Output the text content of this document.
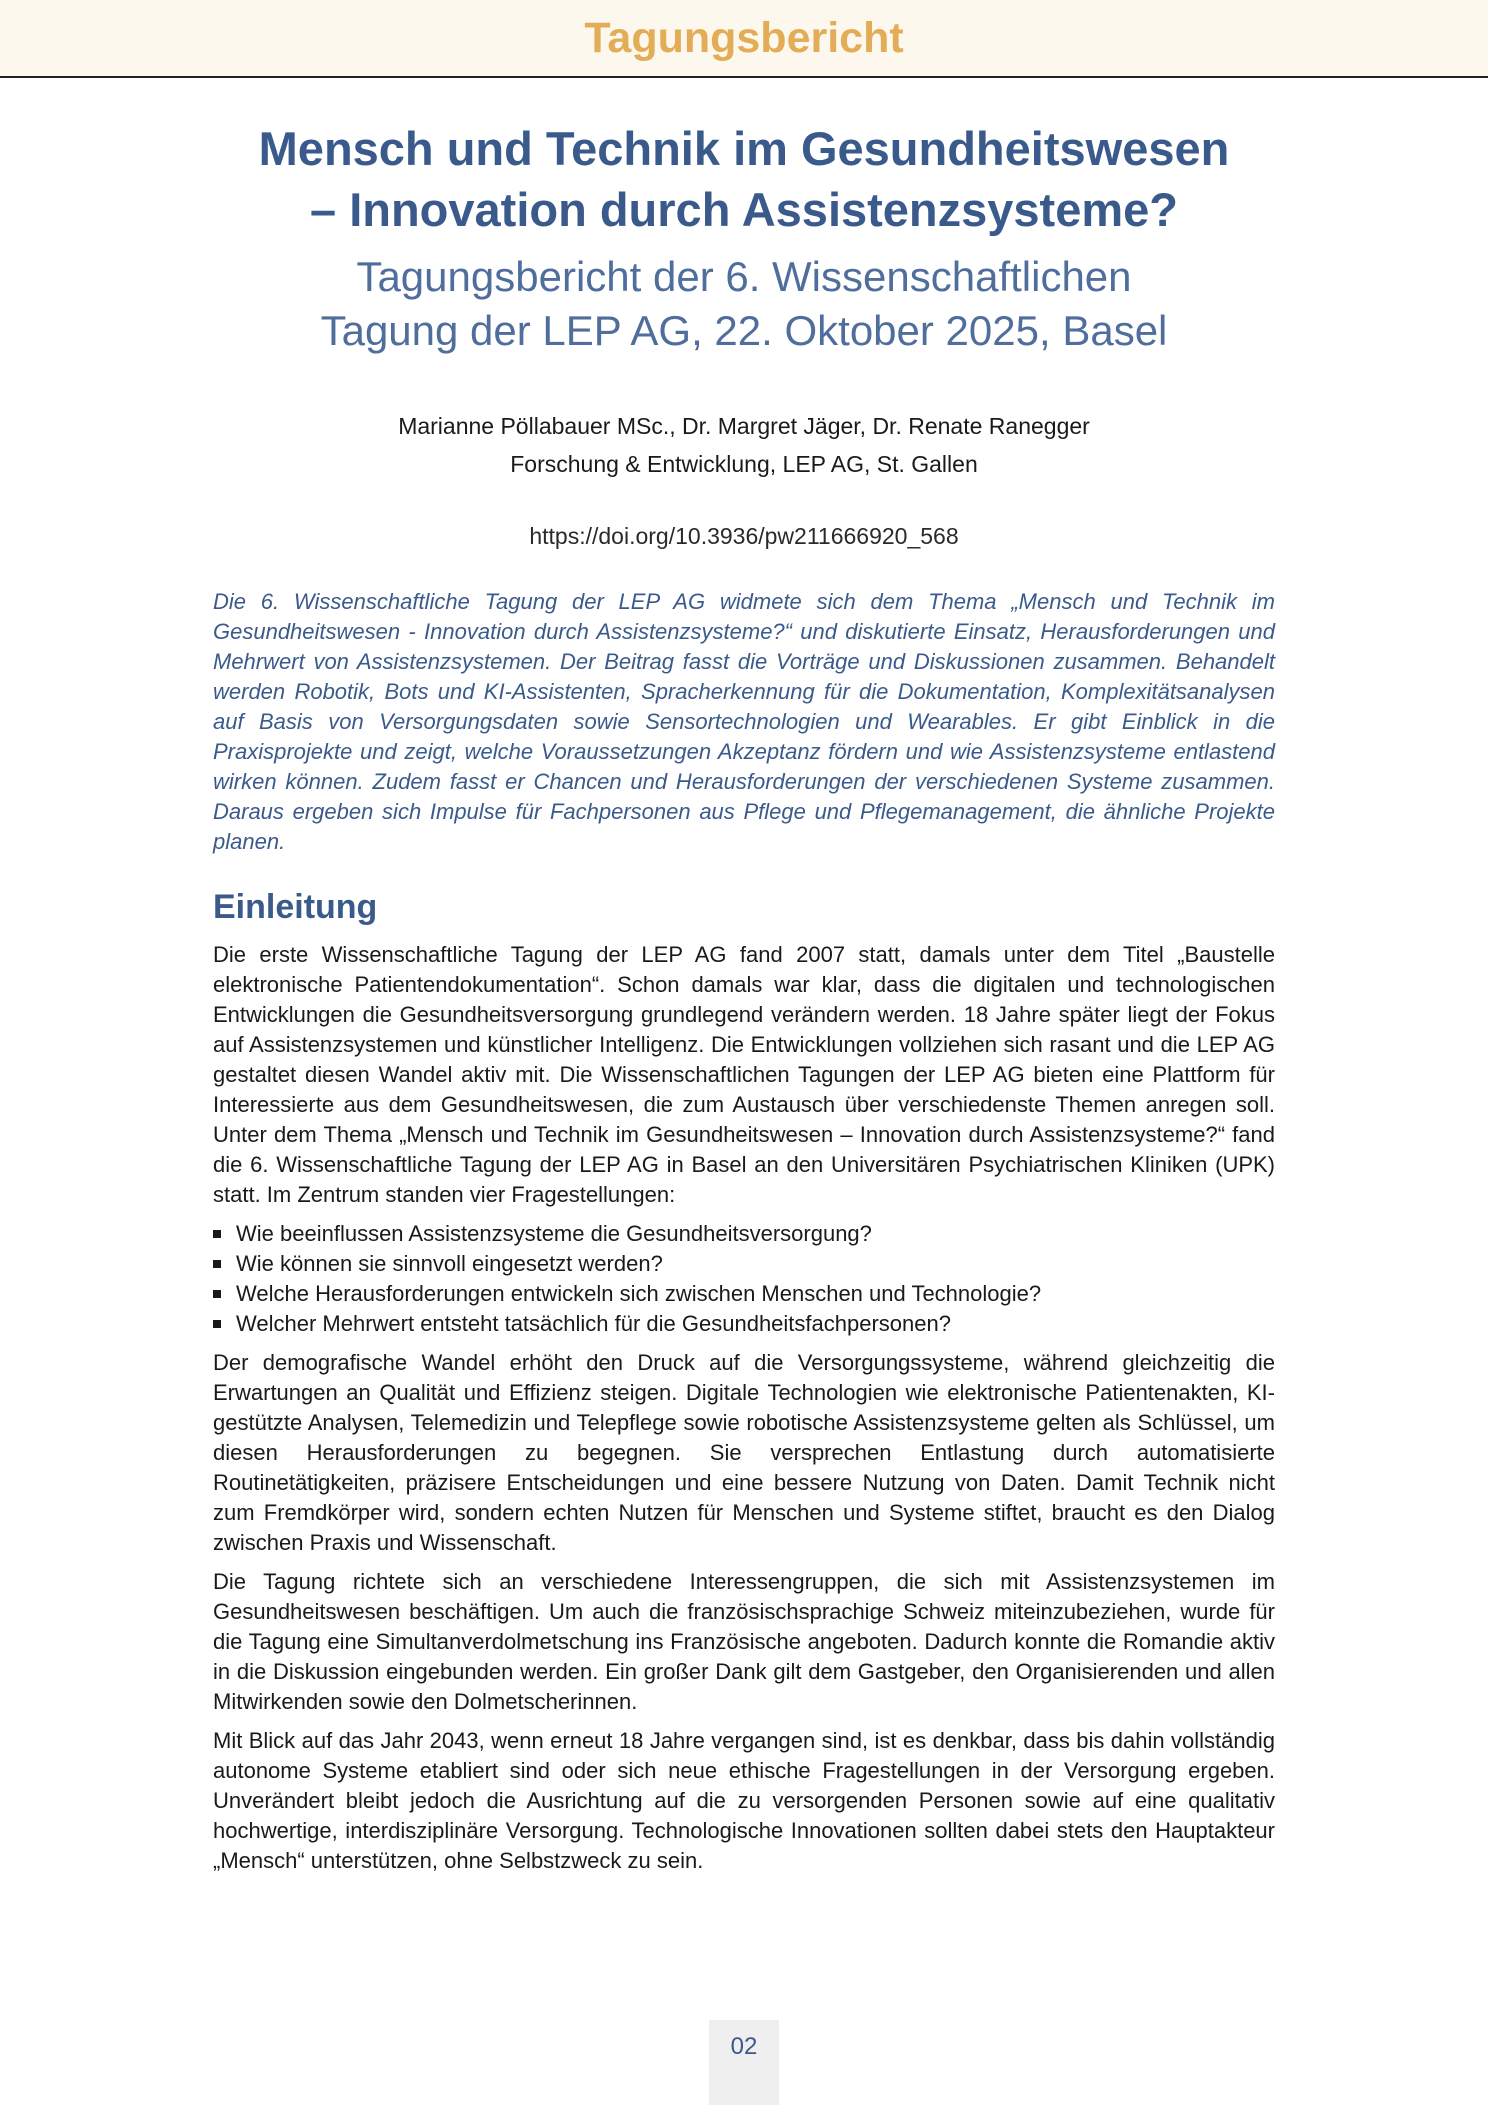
Tagungsbericht
Mensch und Technik im Gesundheitswesen
– Innovation durch Assistenzsysteme?
Tagungsbericht der 6. Wissenschaftlichen
Tagung der LEP AG, 22. Oktober 2025, Basel
Marianne Pöllabauer MSc., Dr. Margret Jäger, Dr. Renate Ranegger
Forschung & Entwicklung, LEP AG, St. Gallen
https://doi.org/10.3936/pw211666920_568
Die 6. Wissenschaftliche Tagung der LEP AG widmete sich dem Thema „Mensch und Technik im Gesundheitswesen - Innovation durch Assistenzsysteme?“ und diskutierte Einsatz, Herausforderungen und Mehrwert von Assistenzsystemen. Der Beitrag fasst die Vorträge und Diskussionen zusammen. Behandelt werden Robotik, Bots und KI-Assistenten, Spracherkennung für die Dokumentation, Komplexitätsanalysen auf Basis von Versorgungsdaten sowie Sensortechnologien und Wearables. Er gibt Einblick in die Praxisprojekte und zeigt, welche Voraussetzungen Akzeptanz fördern und wie Assistenzsysteme entlastend wirken können. Zudem fasst er Chancen und Herausforderungen der verschiedenen Systeme zusammen. Daraus ergeben sich Impulse für Fachpersonen aus Pflege und Pflegemanagement, die ähnliche Projekte planen.
Einleitung

Die erste Wissenschaftliche Tagung der LEP AG fand 2007 statt, damals unter dem Titel „Baustelle elektronische Patientendokumentation“. Schon damals war klar, dass die digitalen und technologischen Entwicklungen die Gesundheitsversorgung grundlegend verändern werden. 18 Jahre später liegt der Fokus auf Assistenzsystemen und künstlicher Intelligenz. Die Entwicklungen vollziehen sich rasant und die LEP AG gestaltet diesen Wandel aktiv mit. Die Wissenschaftlichen Tagungen der LEP AG bieten eine Plattform für Interessierte aus dem Gesundheitswesen, die zum Austausch über verschiedenste Themen anregen soll. Unter dem Thema „Mensch und Technik im Gesundheitswesen – Innovation durch Assistenzsysteme?“ fand die 6. Wissenschaftliche Tagung der LEP AG in Basel an den Universitären Psychiatrischen Kliniken (UPK) statt. Im Zentrum standen vier Fragestellungen:

Wie beeinflussen Assistenzsysteme die Gesundheitsversorgung?
Wie können sie sinnvoll eingesetzt werden?
Welche Herausforderungen entwickeln sich zwischen Menschen und Technologie?
Welcher Mehrwert entsteht tatsächlich für die Gesundheitsfachpersonen?

Der demografische Wandel erhöht den Druck auf die Versorgungssysteme, während gleichzeitig die Erwartungen an Qualität und Effizienz steigen. Digitale Technologien wie elektronische Patientenakten, KI-gestützte Analysen, Telemedizin und Telepflege sowie robotische Assistenzsysteme gelten als Schlüssel, um diesen Herausforderungen zu begegnen. Sie versprechen Entlastung durch automatisierte Routinetätigkeiten, präzisere Entscheidungen und eine bessere Nutzung von Daten. Damit Technik nicht zum Fremdkörper wird, sondern echten Nutzen für Menschen und Systeme stiftet, braucht es den Dialog zwischen Praxis und Wissenschaft.

Die Tagung richtete sich an verschiedene Interessengruppen, die sich mit Assistenzsystemen im Gesundheitswesen beschäftigen. Um auch die französischsprachige Schweiz miteinzubeziehen, wurde für die Tagung eine Simultanverdolmetschung ins Französische angeboten. Dadurch konnte die Romandie aktiv in die Diskussion eingebunden werden. Ein großer Dank gilt dem Gastgeber, den Organisierenden und allen Mitwirkenden sowie den Dolmetscherinnen.

Mit Blick auf das Jahr 2043, wenn erneut 18 Jahre vergangen sind, ist es denkbar, dass bis dahin vollständig autonome Systeme etabliert sind oder sich neue ethische Fragestellungen in der Versorgung ergeben. Unverändert bleibt jedoch die Ausrichtung auf die zu versorgenden Personen sowie auf eine qualitativ hochwertige, interdisziplinäre Versorgung. Technologische Innovationen sollten dabei stets den Hauptakteur „Mensch“ unterstützen, ohne Selbstzweck zu sein.

02
